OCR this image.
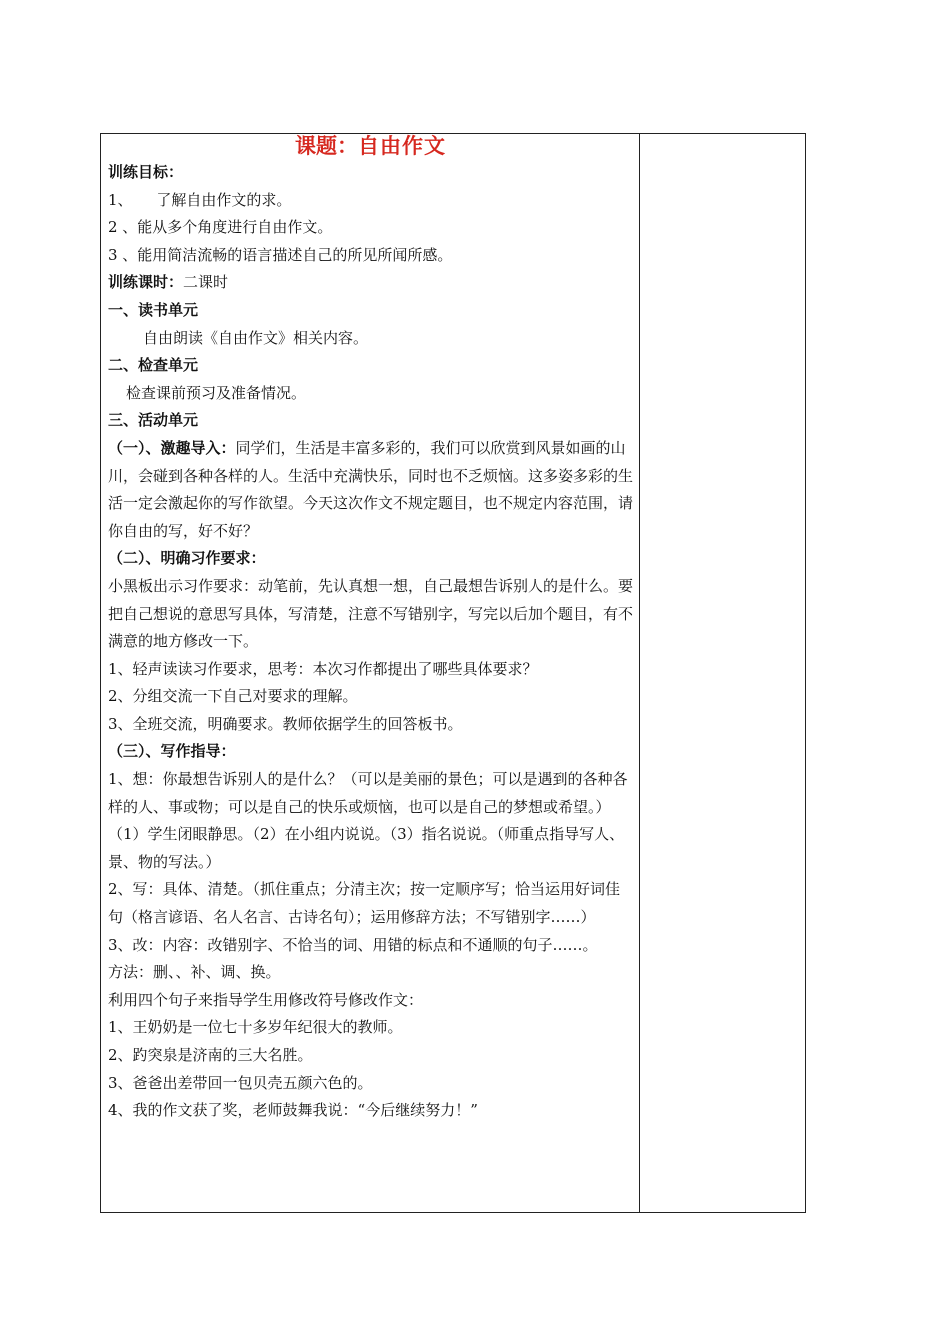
课题：自由作文
训练目标：
1、     了解自由作文的求。
2 、能从多个角度进行自由作文。
3 、能用简洁流畅的语言描述自己的所见所闻所感。
训练课时：二课时
一、读书单元
自由朗读《自由作文》相关内容。
二、检查单元
检查课前预习及准备情况。
三、活动单元
（一）、激趣导入：同学们，生活是丰富多彩的，我们可以欣赏到风景如画的山川，会碰到各种各样的人。生活中充满快乐，同时也不乏烦恼。这多姿多彩的生活一定会激起你的写作欲望。今天这次作文不规定题目，也不规定内容范围，请你自由的写，好不好？
（二）、明确习作要求：
小黑板出示习作要求：动笔前，先认真想一想，自己最想告诉别人的是什么。要把自己想说的意思写具体，写清楚，注意不写错别字，写完以后加个题目，有不满意的地方修改一下。
1、轻声读读习作要求，思考：本次习作都提出了哪些具体要求？
2、分组交流一下自己对要求的理解。
3、全班交流，明确要求。教师依据学生的回答板书。
（三）、写作指导：
1、想：你最想告诉别人的是什么？（可以是美丽的景色；可以是遇到的各种各样的人、事或物；可以是自己的快乐或烦恼，也可以是自己的梦想或希望。）
（1）学生闭眼静思。（2）在小组内说说。（3）指名说说。（师重点指导写人、景、物的写法。）
2、写：具体、清楚。（抓住重点；分清主次；按一定顺序写；恰当运用好词佳句（格言谚语、名人名言、古诗名句）；运用修辞方法；不写错别字……）
3、改：内容：改错别字、不恰当的词、用错的标点和不通顺的句子……。
方法：删、、补、调、换。
利用四个句子来指导学生用修改符号修改作文：
1、王奶奶是一位七十多岁年纪很大的教师。
2、趵突泉是济南的三大名胜。
3、爸爸出差带回一包贝壳五颜六色的。
4、我的作文获了奖，老师鼓舞我说：“今后继续努力！”
